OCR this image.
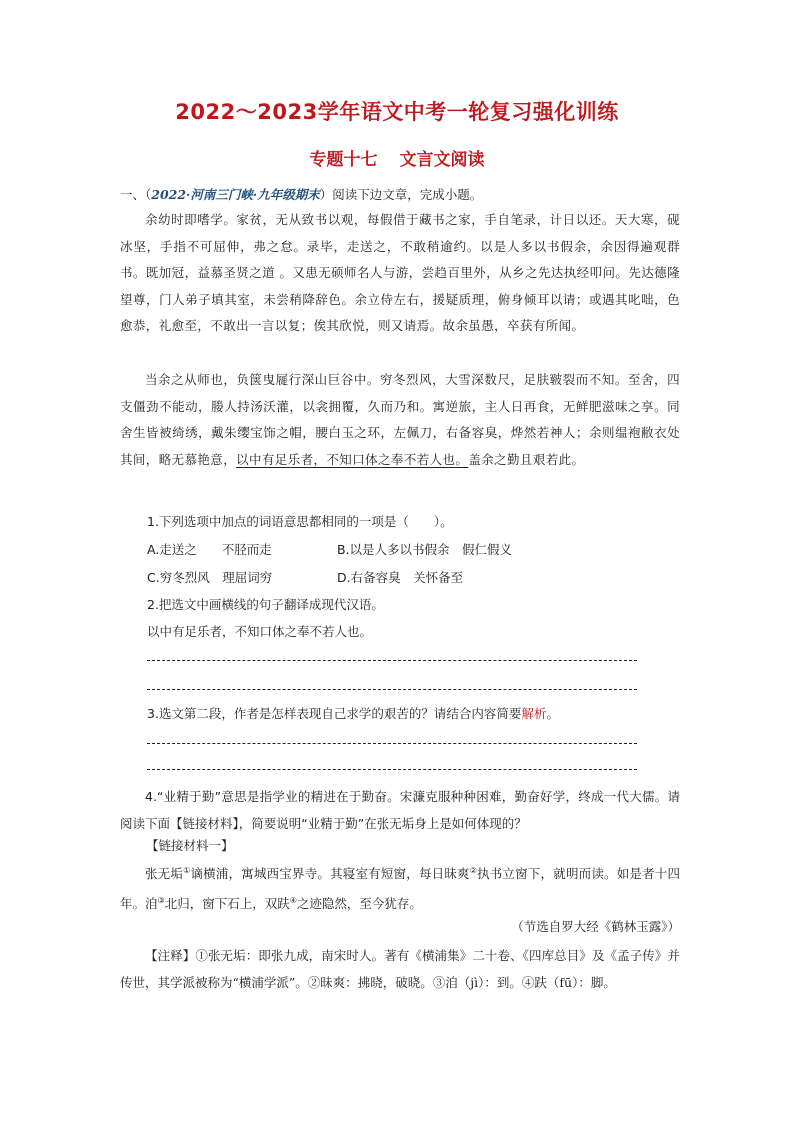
2022～2023学年语文中考一轮复习强化训练
专题十七 文言文阅读
一、（2022·河南三门峡·九年级期末）阅读下边文章，完成小题。
余幼时即嗜学。家贫，无从致书以观，每假借于藏书之家，手自笔录，计日以还。天大寒，砚冰坚，手指不可屈伸，弗之怠。录毕，走送之，不敢稍逾约。以是人多以书假余，余因得遍观群书。既加冠，益慕圣贤之道 。又患无硕师名人与游，尝趋百里外，从乡之先达执经叩问。先达德隆望尊，门人弟子填其室，未尝稍降辞色。余立侍左右，援疑质理，俯身倾耳以请；或遇其叱咄，色愈恭，礼愈至，不敢出一言以复；俟其欣悦，则又请焉。故余虽愚，卒获有所闻。
当余之从师也，负箧曳屣行深山巨谷中。穷冬烈风，大雪深数尺，足肤皲裂而不知。至舍，四支僵劲不能动，媵人持汤沃灌，以衾拥覆，久而乃和。寓逆旅，主人日再食，无鲜肥滋味之享。同舍生皆被绮绣，戴朱缨宝饰之帽，腰白玉之环，左佩刀，右备容臭，烨然若神人；余则缊袍敝衣处其间，略无慕艳意，以中有足乐者，不知口体之奉不若人也。盖余之勤且艰若此。
1.下列选项中加点的词语意思都相同的一项是（　　）。
A.走送之　　不胫而走	B.以是人多以书假余　假仁假义
C.穷冬烈风　理屈词穷	D.右备容臭　关怀备至
2.把选文中画横线的句子翻译成现代汉语。
以中有足乐者，不知口体之奉不若人也。
3.选文第二段，作者是怎样表现自己求学的艰苦的？请结合内容简要解析。
4.“业精于勤”意思是指学业的精进在于勤奋。宋濂克服种种困难，勤奋好学，终成一代大儒。请阅读下面【链接材料】，简要说明“业精于勤”在张无垢身上是如何体现的？
【链接材料一】
张无垢①谪横浦，寓城西宝界寺。其寝室有短窗，每日昧爽②执书立窗下，就明而读。如是者十四年。洎③北归，窗下石上，双趺④之迹隐然，至今犹存。
（节选自罗大经《鹤林玉露》）
【注释】①张无垢：即张九成，南宋时人。著有《横浦集》二十卷、《四库总目》及《孟子传》并传世，其学派被称为“横浦学派”。②昧爽：拂晓，破晓。③洎（jì）：到。④趺（fū）：脚。
